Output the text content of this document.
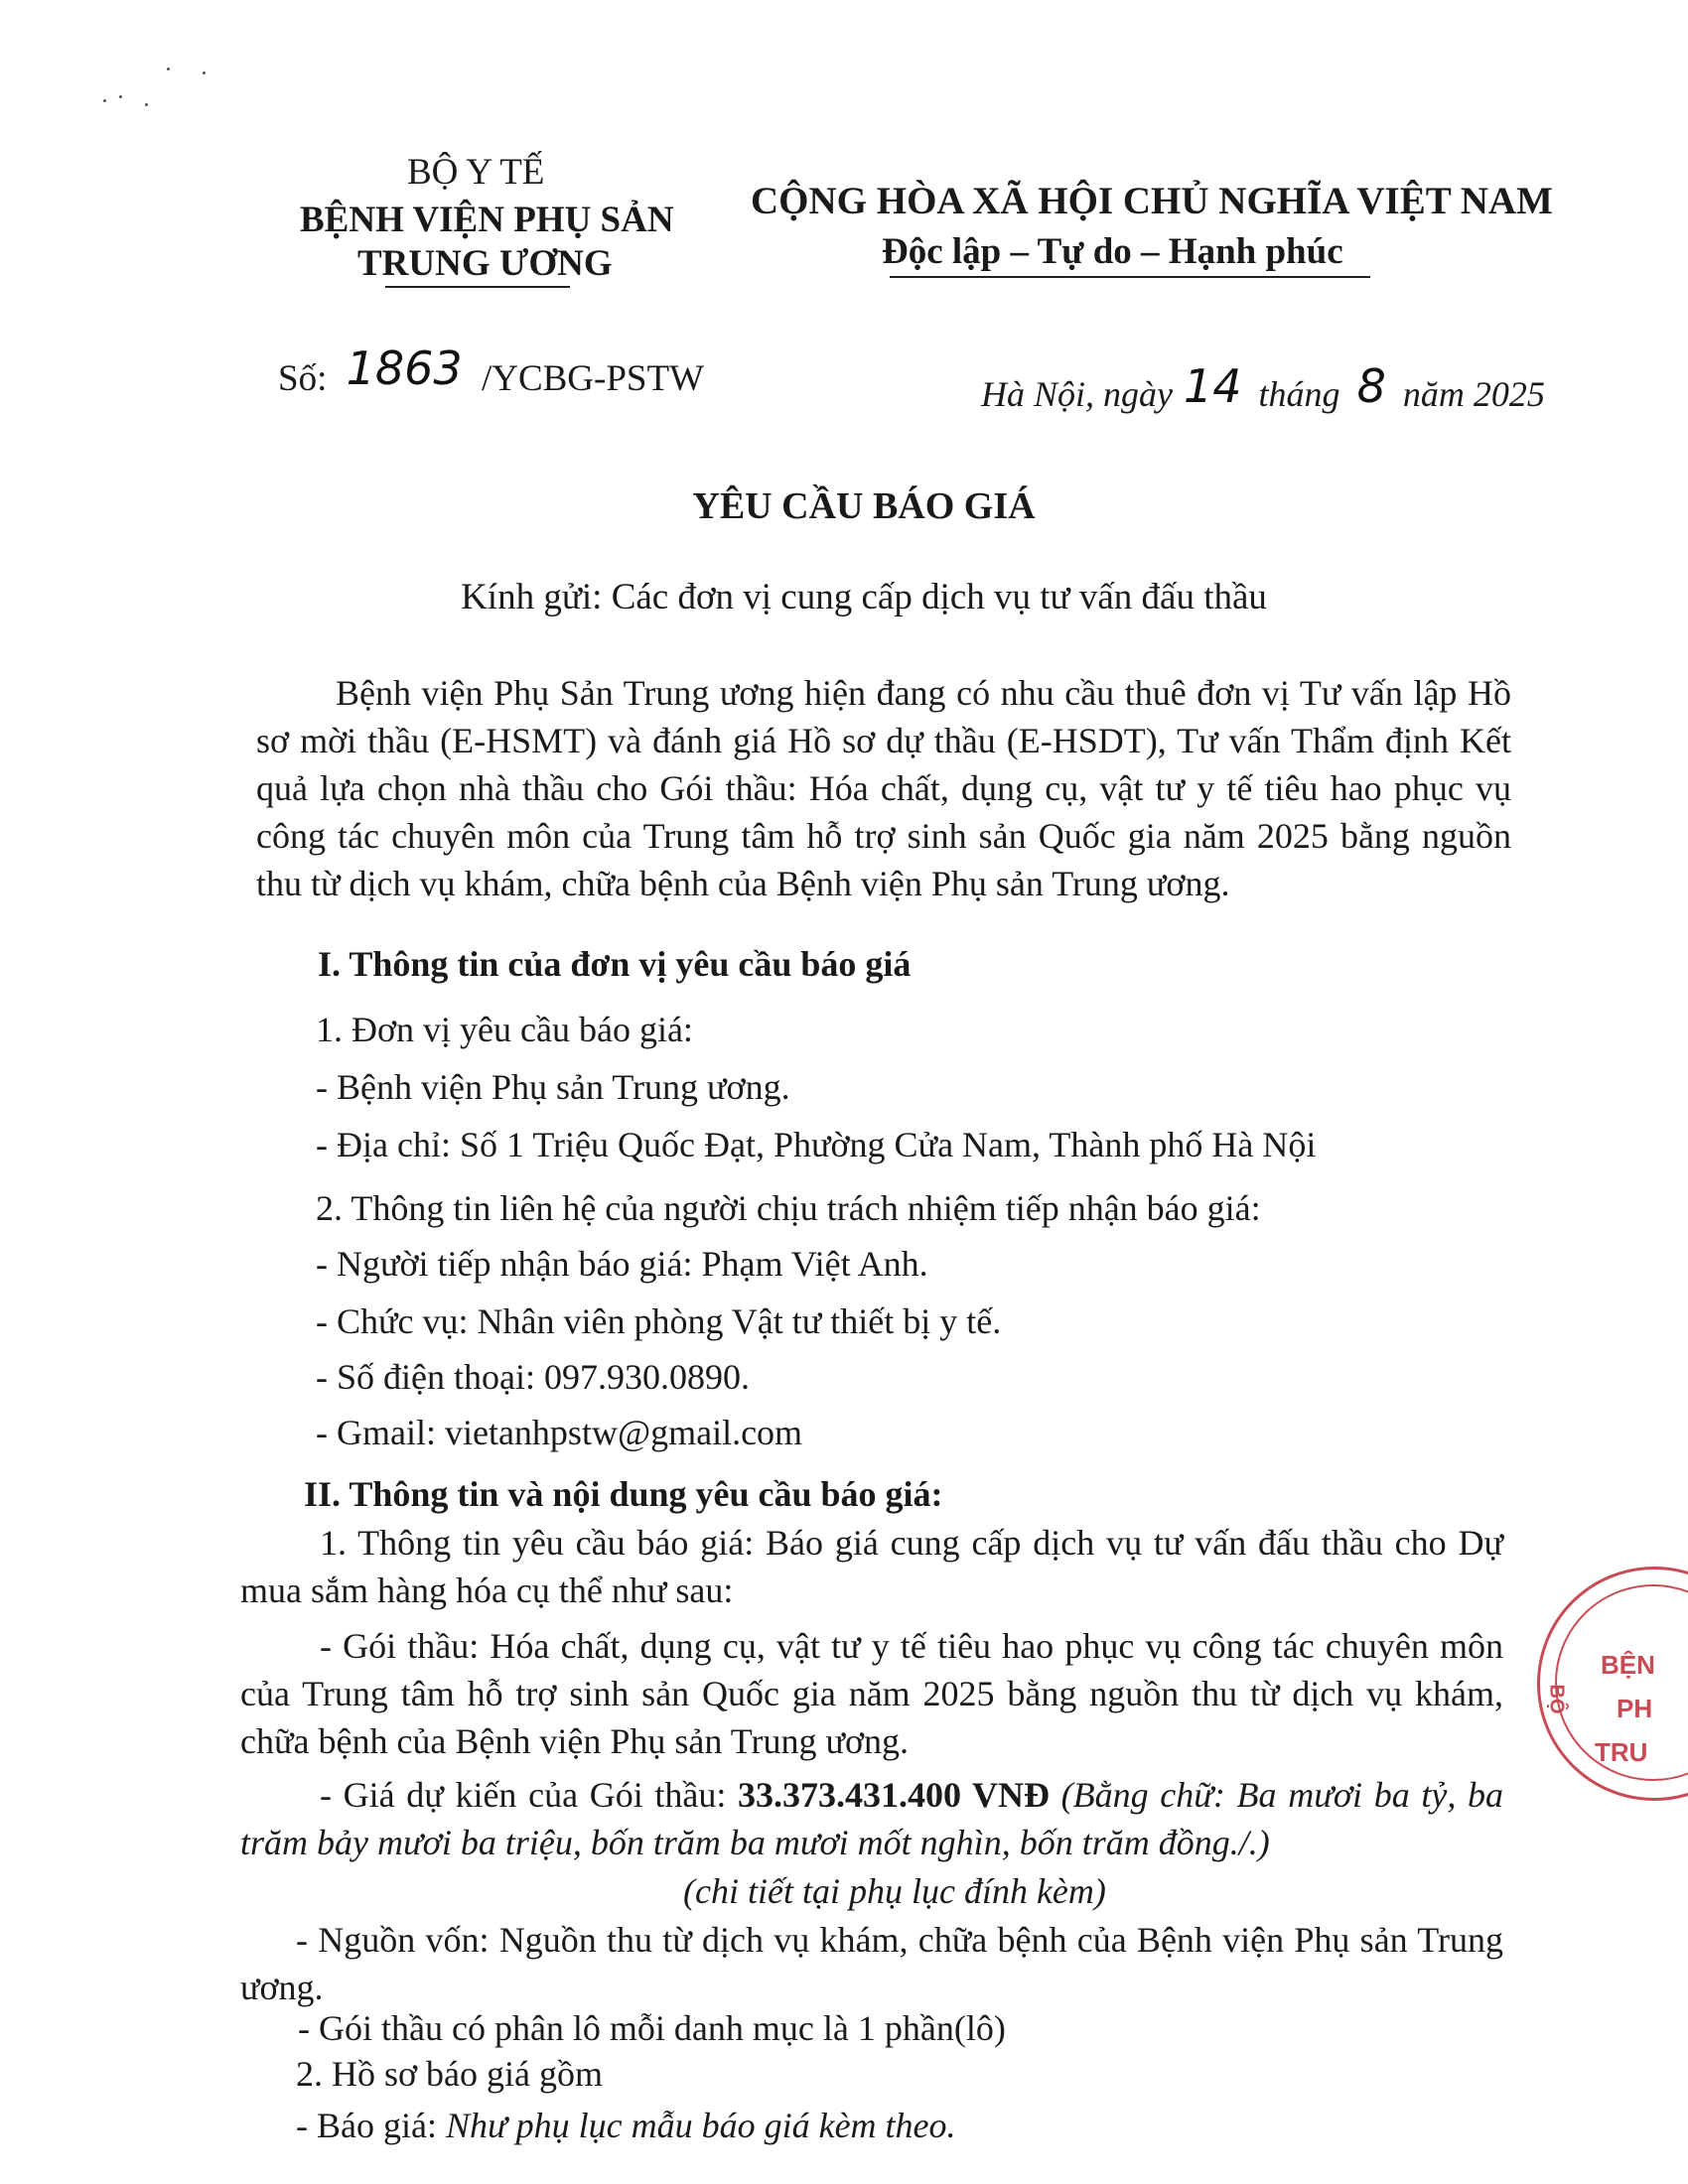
BỘ Y TẾ
BỆNH VIỆN PHỤ SẢN
TRUNG ƯƠNG
CỘNG HÒA XÃ HỘI CHỦ NGHĨA VIỆT NAM
Độc lập – Tự do – Hạnh phúc
Số: 1863 /YCBG-PSTW	Hà Nội, ngày 14 tháng 8 năm 2025
YÊU CẦU BÁO GIÁ
Kính gửi: Các đơn vị cung cấp dịch vụ tư vấn đấu thầu
Bệnh viện Phụ Sản Trung ương hiện đang có nhu cầu thuê đơn vị Tư vấn lập Hồ sơ mời thầu (E-HSMT) và đánh giá Hồ sơ dự thầu (E-HSDT), Tư vấn Thẩm định Kết quả lựa chọn nhà thầu cho Gói thầu: Hóa chất, dụng cụ, vật tư y tế tiêu hao phục vụ công tác chuyên môn của Trung tâm hỗ trợ sinh sản Quốc gia năm 2025 bằng nguồn thu từ dịch vụ khám, chữa bệnh của Bệnh viện Phụ sản Trung ương.
I. Thông tin của đơn vị yêu cầu báo giá
1. Đơn vị yêu cầu báo giá:
- Bệnh viện Phụ sản Trung ương.
- Địa chỉ: Số 1 Triệu Quốc Đạt, Phường Cửa Nam, Thành phố Hà Nội
2. Thông tin liên hệ của người chịu trách nhiệm tiếp nhận báo giá:
- Người tiếp nhận báo giá: Phạm Việt Anh.
- Chức vụ: Nhân viên phòng Vật tư thiết bị y tế.
- Số điện thoại: 097.930.0890.
- Gmail: vietanhpstw@gmail.com
II. Thông tin và nội dung yêu cầu báo giá:
1. Thông tin yêu cầu báo giá: Báo giá cung cấp dịch vụ tư vấn đấu thầu cho Dự mua sắm hàng hóa cụ thể như sau:
- Gói thầu: Hóa chất, dụng cụ, vật tư y tế tiêu hao phục vụ công tác chuyên môn của Trung tâm hỗ trợ sinh sản Quốc gia năm 2025 bằng nguồn thu từ dịch vụ khám, chữa bệnh của Bệnh viện Phụ sản Trung ương.
- Giá dự kiến của Gói thầu: 33.373.431.400 VNĐ (Bằng chữ: Ba mươi ba tỷ, ba trăm bảy mươi ba triệu, bốn trăm ba mươi mốt nghìn, bốn trăm đồng./.)
(chi tiết tại phụ lục đính kèm)
- Nguồn vốn: Nguồn thu từ dịch vụ khám, chữa bệnh của Bệnh viện Phụ sản Trung ương.
- Gói thầu có phân lô mỗi danh mục là 1 phần(lô)
2. Hồ sơ báo giá gồm
- Báo giá: Như phụ lục mẫu báo giá kèm theo.
BỆN
PH
TRU
BỘ
